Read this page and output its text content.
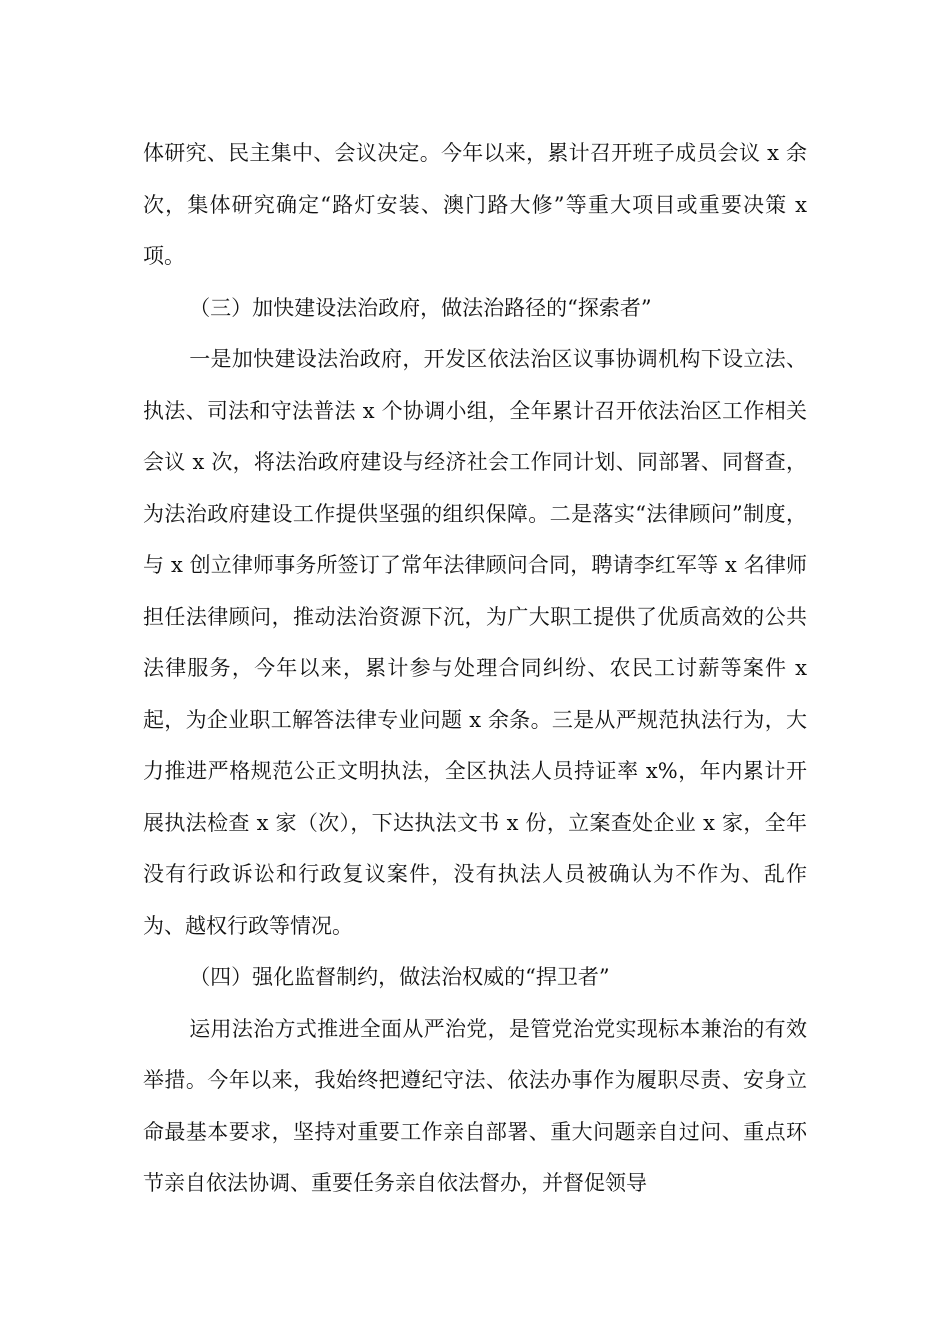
体研究、民主集中、会议决定。今年以来，累计召开班子成员会议 x 余次，集体研究确定“路灯安装、澳门路大修”等重大项目或重要决策 x 项。

（三）加快建设法治政府，做法治路径的“探索者”

一是加快建设法治政府，开发区依法治区议事协调机构下设立法、执法、司法和守法普法 x 个协调小组，全年累计召开依法治区工作相关会议 x 次，将法治政府建设与经济社会工作同计划、同部署、同督查，为法治政府建设工作提供坚强的组织保障。二是落实“法律顾问”制度，与 x 创立律师事务所签订了常年法律顾问合同，聘请李红军等 x 名律师担任法律顾问，推动法治资源下沉，为广大职工提供了优质高效的公共法律服务，今年以来，累计参与处理合同纠纷、农民工讨薪等案件 x 起，为企业职工解答法律专业问题 x 余条。三是从严规范执法行为，大力推进严格规范公正文明执法，全区执法人员持证率 x%，年内累计开展执法检查 x 家（次），下达执法文书 x 份，立案查处企业 x 家，全年没有行政诉讼和行政复议案件，没有执法人员被确认为不作为、乱作为、越权行政等情况。

（四）强化监督制约，做法治权威的“捍卫者”

运用法治方式推进全面从严治党，是管党治党实现标本兼治的有效举措。今年以来，我始终把遵纪守法、依法办事作为履职尽责、安身立命最基本要求，坚持对重要工作亲自部署、重大问题亲自过问、重点环节亲自依法协调、重要任务亲自依法督办，并督促领导
